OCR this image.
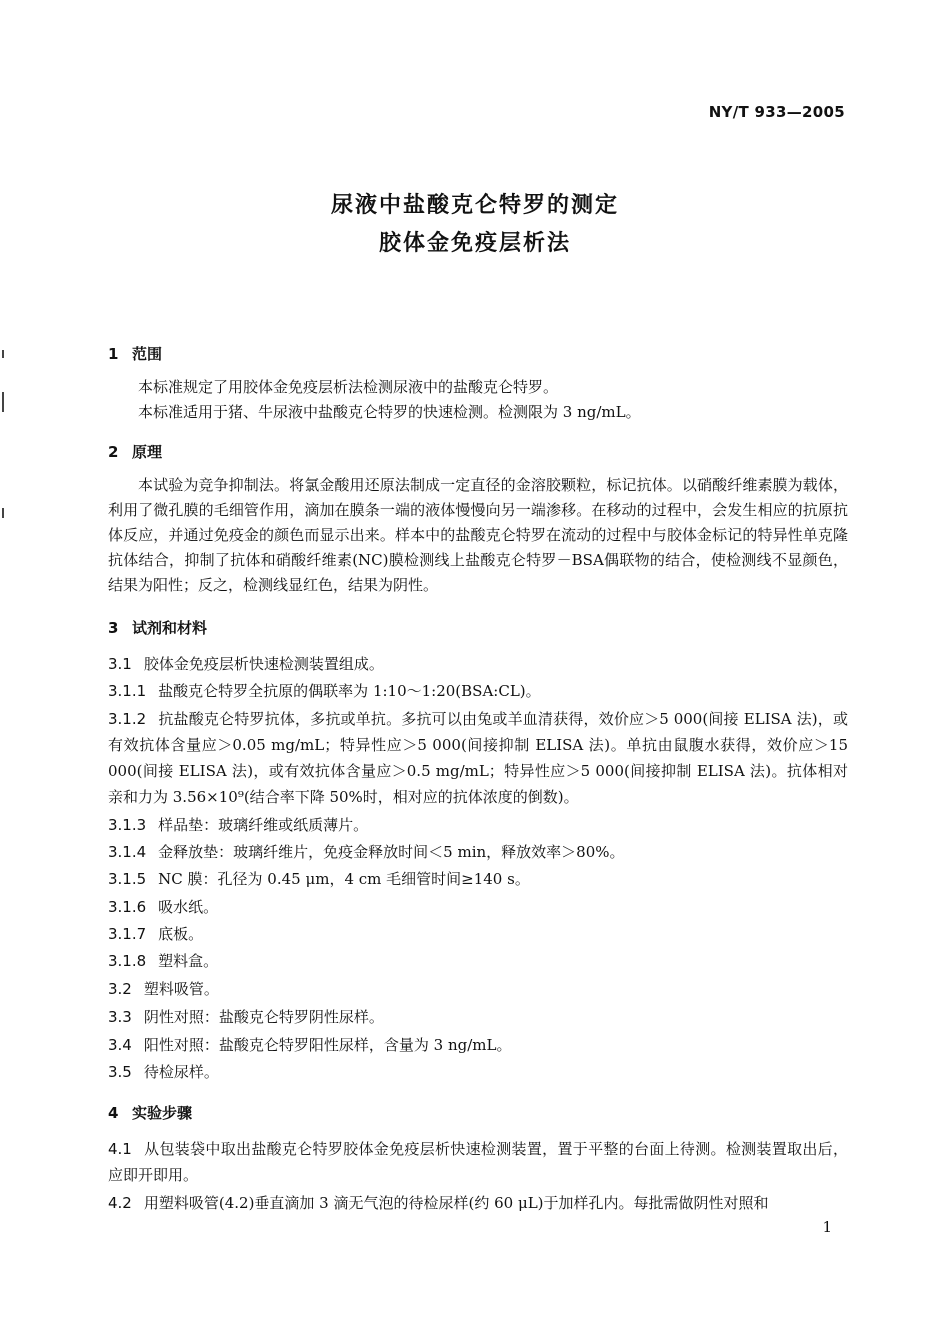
NY/T 933—2005
尿液中盐酸克仑特罗的测定
胶体金免疫层析法
1 范围
本标准规定了用胶体金免疫层析法检测尿液中的盐酸克仑特罗。
本标准适用于猪、牛尿液中盐酸克仑特罗的快速检测。检测限为 3 ng/mL。
2 原理
本试验为竞争抑制法。将氯金酸用还原法制成一定直径的金溶胶颗粒，标记抗体。以硝酸纤维素膜为载体，利用了微孔膜的毛细管作用，滴加在膜条一端的液体慢慢向另一端渗移。在移动的过程中，会发生相应的抗原抗体反应，并通过免疫金的颜色而显示出来。样本中的盐酸克仑特罗在流动的过程中与胶体金标记的特异性单克隆抗体结合，抑制了抗体和硝酸纤维素(NC)膜检测线上盐酸克仑特罗－BSA偶联物的结合，使检测线不显颜色，结果为阳性；反之，检测线显红色，结果为阴性。
3 试剂和材料
3.1 胶体金免疫层析快速检测装置组成。
3.1.1 盐酸克仑特罗全抗原的偶联率为 1:10～1:20(BSA:CL)。
3.1.2 抗盐酸克仑特罗抗体，多抗或单抗。多抗可以由兔或羊血清获得，效价应＞5 000(间接 ELISA 法)，或有效抗体含量应＞0.05 mg/mL；特异性应＞5 000(间接抑制 ELISA 法)。单抗由鼠腹水获得，效价应＞15 000(间接 ELISA 法)，或有效抗体含量应＞0.5 mg/mL；特异性应＞5 000(间接抑制 ELISA 法)。抗体相对亲和力为 3.56×10⁹(结合率下降 50%时，相对应的抗体浓度的倒数)。
3.1.3 样品垫：玻璃纤维或纸质薄片。
3.1.4 金释放垫：玻璃纤维片，免疫金释放时间＜5 min，释放效率＞80%。
3.1.5 NC 膜：孔径为 0.45 μm，4 cm 毛细管时间≥140 s。
3.1.6 吸水纸。
3.1.7 底板。
3.1.8 塑料盒。
3.2 塑料吸管。
3.3 阴性对照：盐酸克仑特罗阴性尿样。
3.4 阳性对照：盐酸克仑特罗阳性尿样，含量为 3 ng/mL。
3.5 待检尿样。
4 实验步骤
4.1 从包装袋中取出盐酸克仑特罗胶体金免疫层析快速检测装置，置于平整的台面上待测。检测装置取出后，应即开即用。
4.2 用塑料吸管(4.2)垂直滴加 3 滴无气泡的待检尿样(约 60 μL)于加样孔内。每批需做阴性对照和
1
